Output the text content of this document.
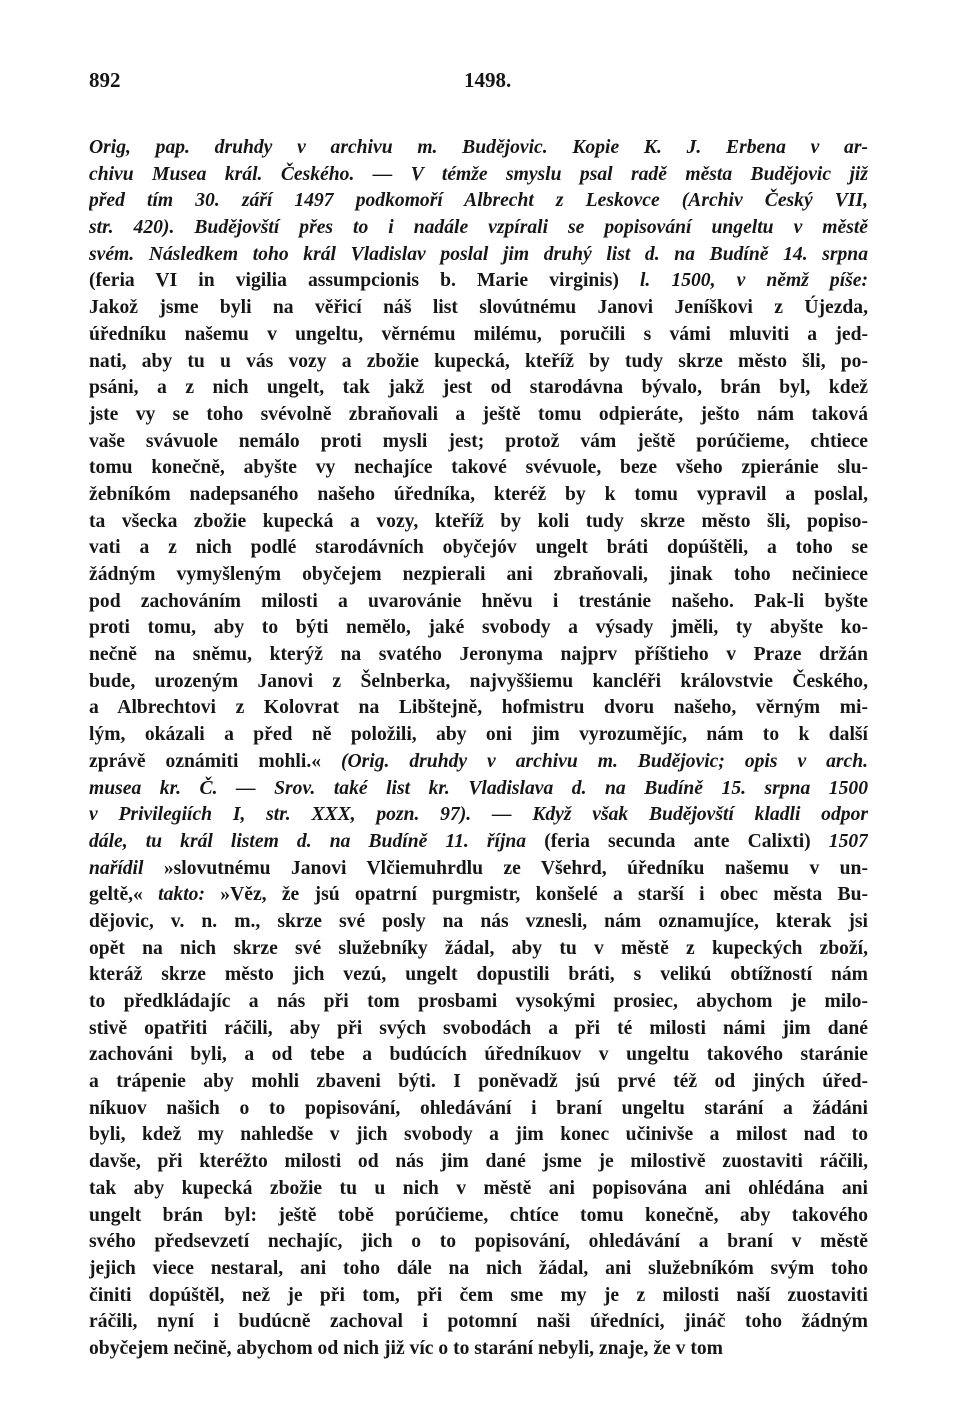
892	1498.
Orig, pap. druhdy v archivu m. Budějovic. Kopie K. J. Erbena v ar-
chivu Musea král. Českého. — V témže smyslu psal radě města Budějovic již
před tím 30. září 1497 podkomoří Albrecht z Leskovce (Archiv Český VII,
str. 420). Budějovští přes to i nadále vzpírali se popisování ungeltu v městě
svém. Následkem toho král Vladislav poslal jim druhý list d. na Budíně 14. srpna
(feria VI in vigilia assumpcionis b. Marie virginis) l. 1500, v němž píše:
Jakož jsme byli na věřicí náš list slovútnému Janovi Jeníškovi z Újezda,
úředníku našemu v ungeltu, věrnému milému, poručili s vámi mluviti a jed-
nati, aby tu u vás vozy a zbožie kupecká, kteříž by tudy skrze město šli, po-
psáni, a z nich ungelt, tak jakž jest od starodávna bývalo, brán byl, kdež
jste vy se toho svévolně zbraňovali a ještě tomu odpieráte, ješto nám taková
vaše svávuole nemálo proti mysli jest; protož vám ještě porúčieme, chtiece
tomu konečně, abyšte vy nechajíce takové svévuole, beze všeho zpieránie slu-
žebníkóm nadepsaného našeho úředníka, kteréž by k tomu vypravil a poslal,
ta všecka zbožie kupecká a vozy, kteříž by koli tudy skrze město šli, popiso-
vati a z nich podlé starodávních obyčejóv ungelt bráti dopúštěli, a toho se
žádným vymyšleným obyčejem nezpierali ani zbraňovali, jinak toho nečiniece
pod zachováním milosti a uvarovánie hněvu i trestánie našeho. Pak-li byšte
proti tomu, aby to býti nemělo, jaké svobody a výsady jměli, ty abyšte ko-
nečně na sněmu, kterýž na svatého Jeronyma najprv příštieho v Praze držán
bude, urozeným Janovi z Šelnberka, najvyššiemu kancléři královstvie Českého,
a Albrechtovi z Kolovrat na Libštejně, hofmistru dvoru našeho, věrným mi-
lým, okázali a před ně položili, aby oni jim vyrozumějíc, nám to k další
zprávě oznámiti mohli.« (Orig. druhdy v archivu m. Budějovic; opis v arch.
musea kr. Č. — Srov. také list kr. Vladislava d. na Budíně 15. srpna 1500
v Privilegiích I, str. XXX, pozn. 97). — Když však Budějovští kladli odpor
dále, tu král listem d. na Budíně 11. října (feria secunda ante Calixti) 1507
nařídil »slovutnému Janovi Vlčiemuhrdlu ze Všehrd, úředníku našemu v un-
geltě,« takto: »Věz, že jsú opatrní purgmistr, konšelé a starší i obec města Bu-
dějovic, v. n. m., skrze své posly na nás vznesli, nám oznamujíce, kterak jsi
opět na nich skrze své služebníky žádal, aby tu v městě z kupeckých zboží,
kteráž skrze město jich vezú, ungelt dopustili bráti, s velikú obtížností nám
to předkládajíc a nás při tom prosbami vysokými prosiec, abychom je milo-
stivě opatřiti ráčili, aby při svých svobodách a při té milosti námi jim dané
zachováni byli, a od tebe a budúcích úředníkuov v ungeltu takového staránie
a trápenie aby mohli zbaveni býti. I poněvadž jsú prvé též od jiných úřed-
níkuov našich o to popisování, ohledávání i braní ungeltu starání a žádáni
byli, kdež my nahledše v jich svobody a jim konec učinivše a milost nad to
davše, při kteréžto milosti od nás jim dané jsme je milostivě zuostaviti ráčili,
tak aby kupecká zbožie tu u nich v městě ani popisována ani ohlédána ani
ungelt brán byl: ještě tobě porúčieme, chtíce tomu konečně, aby takového
svého předsevzetí nechajíc, jich o to popisování, ohledávání a braní v městě
jejich viece nestaral, ani toho dále na nich žádal, ani služebníkóm svým toho
činiti dopúštěl, než je při tom, při čem sme my je z milosti naší zuostaviti
ráčili, nyní i budúcně zachoval i potomní naši úředníci, jináč toho žádným
obyčejem nečině, abychom od nich již víc o to starání nebyli, znaje, že v tom
